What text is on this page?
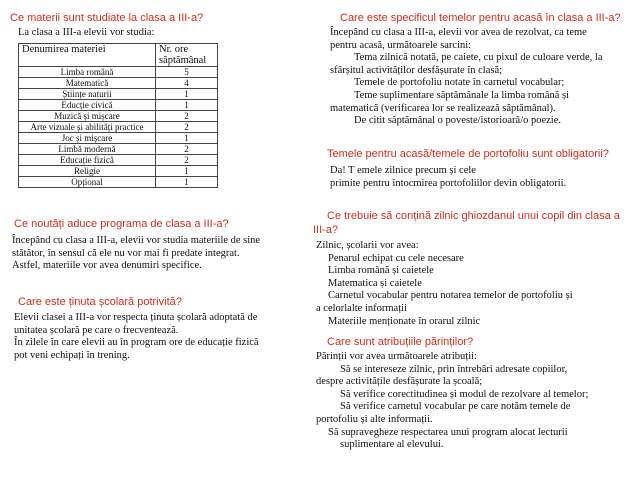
Ce materii sunt studiate la clasa a III-a?

La clasa a III-a elevii vor studia:

Denumirea materiei	Nr. ore săptămânal
Limba română	5
Matematică	4
Științe naturii	1
Educție civică	1
Muzică și mișcare	2
Arte vizuale și abilități practice	2
Joc și mișcare	1
Limbă modernă	2
Educație fizică	2
Religie	1
Opțional	1
Ce noutăți aduce programa de clasa a III-a?

Începând cu clasa a III-a, elevii vor studia materiile de sine

stătător, în sensul că ele nu vor mai fi predate integrat.

Astfel, materiile vor avea denumiri specifice.

Care este ținuta școlară potrivită?

Elevii clasei a III-a vor respecta ținuta școlară adoptată de

unitatea școlară pe care o frecventează.

În zilele în care elevii au în program ore de educație fizică

pot veni echipați în trening.

Care este specificul temelor pentru acasă în clasa a III-a?

Începând cu clasa a III-a, elevii vor avea de rezolvat, ca teme

pentru acasă, următoarele sarcini:

Tema zilnică notată, pe caiete, cu pixul de culoare verde, la

sfârșitul activităților desfășurate în clasă;

Temele de portofoliu notate în carnetul vocabular;

Teme suplimentare săptămânale la limba română și

matematică (verificarea lor se realizează săptămânal).

De citit săptămânal o poveste/istorioară/o poezie.

Temele pentru acasă/temele de portofoliu sunt obligatorii?

Da! T emele zilnice precum și cele

primite pentru întocmirea portofoliilor devin obligatorii.

Ce trebuie să conțină zilnic ghiozdanul unui copil din clasa a
III-a?

Zilnic, școlarii vor avea:

Penarul echipat cu cele necesare

Limba română și caietele

Matematica și caietele

Carnetul vocabular pentru notarea temelor de portofoliu și

a celorlalte informații

Materiile menționate în orarul zilnic

Care sunt atribuțiile părinților?

Părinții vor avea următoarele atribuții:

Să se intereseze zilnic, prin întrebări adresate copiilor,

despre activitățile desfășurate la școală;

Să verifice corectitudinea și modul de rezolvare al temelor;

Să verifice carnetul vocabular pe care notăm temele de

portofoliu și alte informații.

Să supravegheze respectarea unui program alocat lecturii

suplimentare al elevului.
